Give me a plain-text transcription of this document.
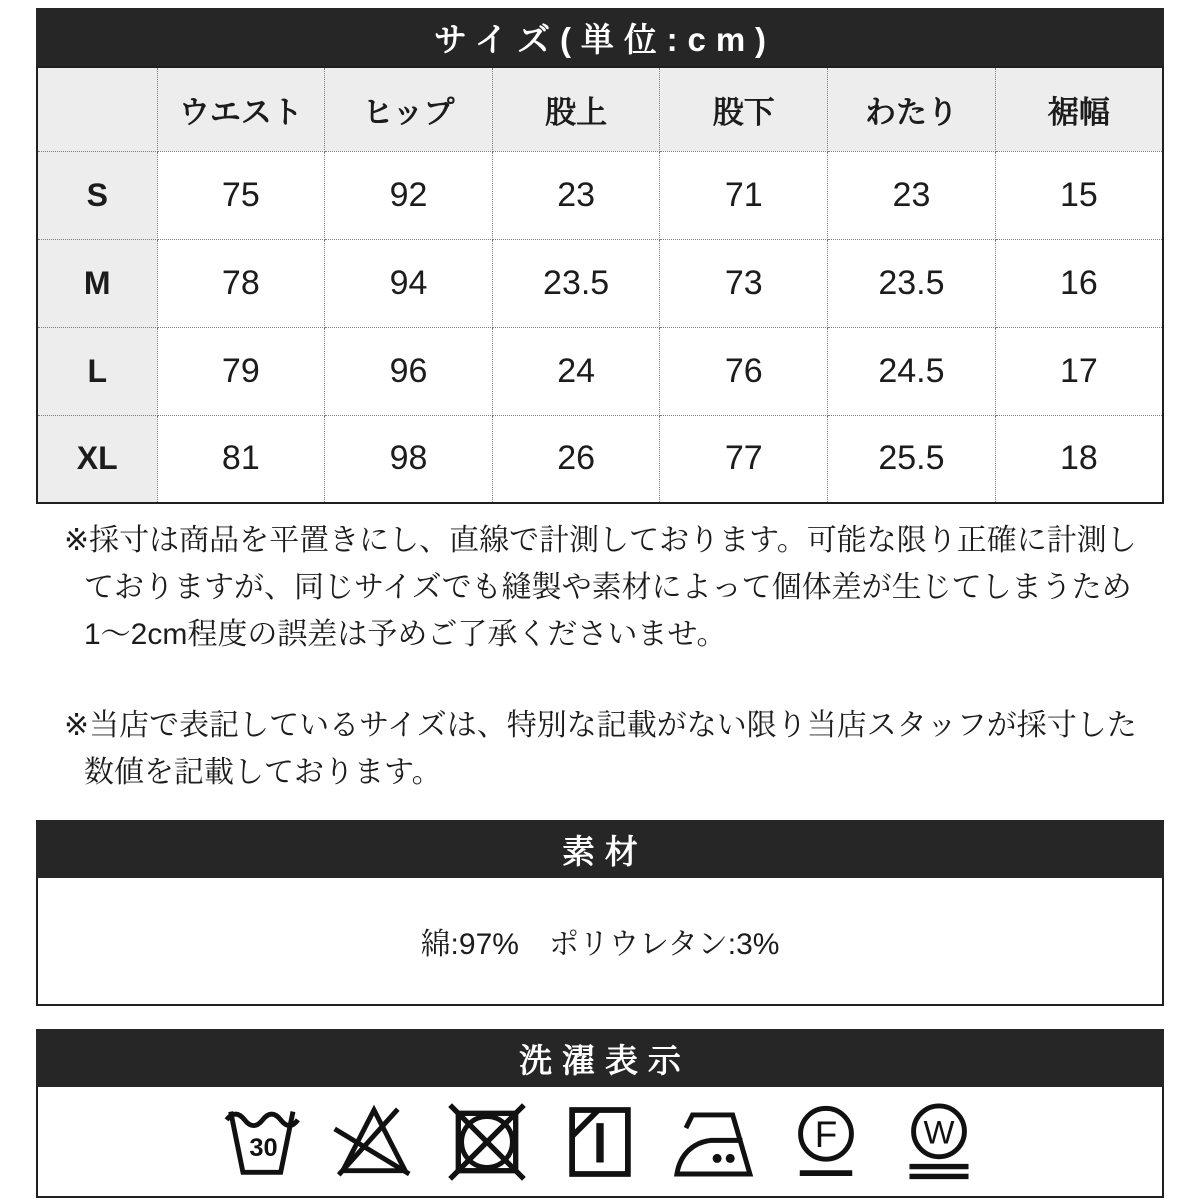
サイズ(単位:cm)
	ウエスト	ヒップ	股上	股下	わたり	裾幅
S	75	92	23	71	23	15
M	78	94	23.5	73	23.5	16
L	79	96	24	76	24.5	17
XL	81	98	26	77	25.5	18
※採寸は商品を平置きにし、直線で計測しております。可能な限り正確に計測し
ておりますが、同じサイズでも縫製や素材によって個体差が生じてしまうため
1〜2cm程度の誤差は予めご了承くださいませ。
※当店で表記しているサイズは、特別な記載がない限り当店スタッフが採寸した
数値を記載しております。
素材
綿:97%　ポリウレタン:3%
洗濯表示
30	F W
